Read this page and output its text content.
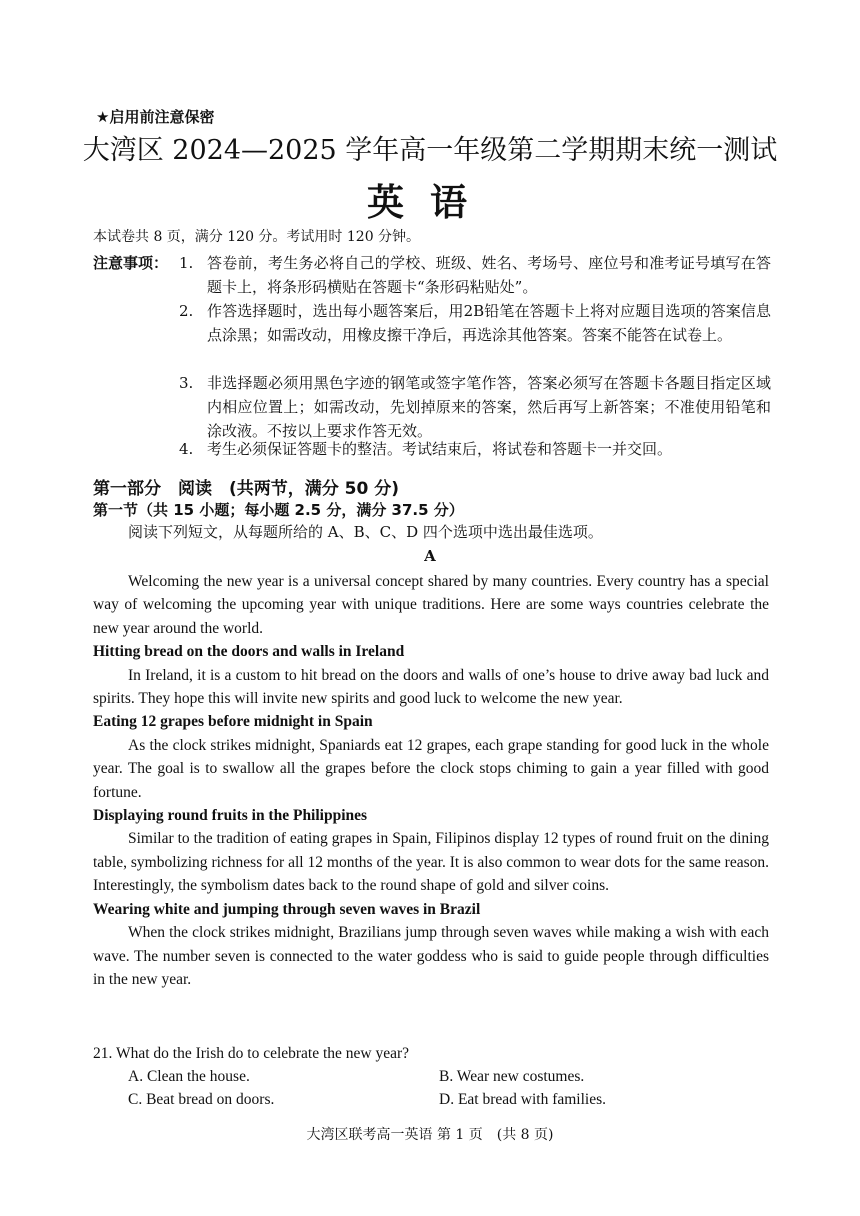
★启用前注意保密
大湾区 2024—2025 学年高一年级第二学期期末统一测试
英语
本试卷共 8 页，满分 120 分。考试用时 120 分钟。
注意事项： 1. 答卷前，考生务必将自己的学校、班级、姓名、考场号、座位号和准考证号填写在答题卡上，将条形码横贴在答题卡“条形码粘贴处”。
2. 作答选择题时，选出每小题答案后，用2B铅笔在答题卡上将对应题目选项的答案信息点涂黑；如需改动，用橡皮擦干净后，再选涂其他答案。答案不能答在试卷上。
3. 非选择题必须用黑色字迹的钢笔或签字笔作答，答案必须写在答题卡各题目指定区域内相应位置上；如需改动，先划掉原来的答案，然后再写上新答案；不准使用铅笔和涂改液。不按以上要求作答无效。
4. 考生必须保证答题卡的整洁。考试结束后，将试卷和答题卡一并交回。
第一部分　阅读　(共两节，满分 50 分)
第一节（共 15 小题；每小题 2.5 分，满分 37.5 分）
阅读下列短文，从每题所给的 A、B、C、D 四个选项中选出最佳选项。
A

Welcoming the new year is a universal concept shared by many countries. Every country has a special way of welcoming the upcoming year with unique traditions. Here are some ways countries celebrate the new year around the world.

Hitting bread on the doors and walls in Ireland

In Ireland, it is a custom to hit bread on the doors and walls of one’s house to drive away bad luck and spirits. They hope this will invite new spirits and good luck to welcome the new year.

Eating 12 grapes before midnight in Spain

As the clock strikes midnight, Spaniards eat 12 grapes, each grape standing for good luck in the whole year. The goal is to swallow all the grapes before the clock stops chiming to gain a year filled with good fortune.

Displaying round fruits in the Philippines

Similar to the tradition of eating grapes in Spain, Filipinos display 12 types of round fruit on the dining table, symbolizing richness for all 12 months of the year. It is also common to wear dots for the same reason. Interestingly, the symbolism dates back to the round shape of gold and silver coins.

Wearing white and jumping through seven waves in Brazil

When the clock strikes midnight, Brazilians jump through seven waves while making a wish with each wave. The number seven is connected to the water goddess who is said to guide people through difficulties in the new year.

21. What do the Irish do to celebrate the new year?

A. Clean the house.	B. Wear new costumes.
C. Beat bread on doors.	D. Eat bread with families.
大湾区联考高一英语 第 1 页　(共 8 页)
